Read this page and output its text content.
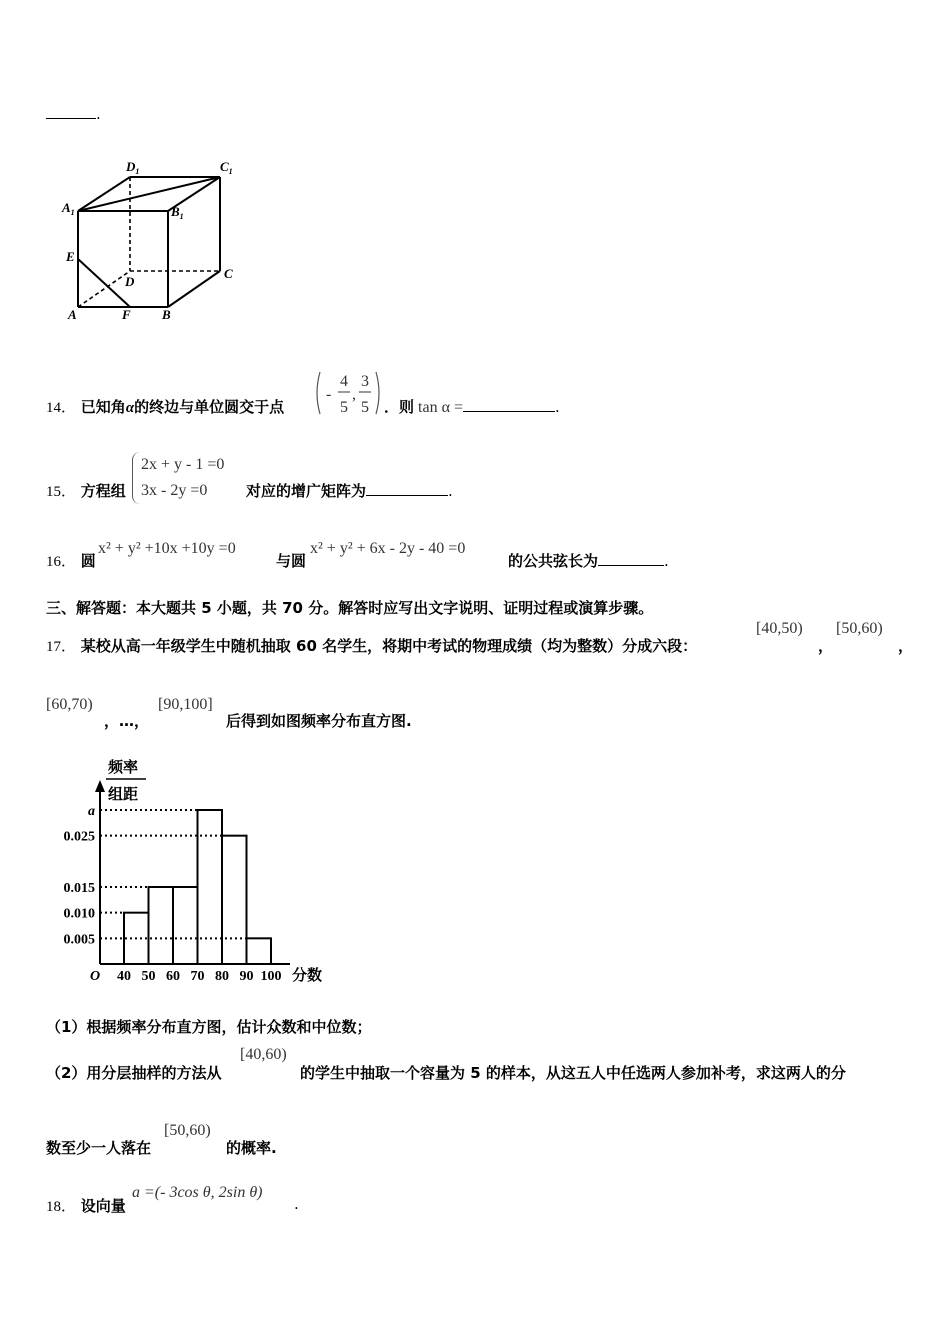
.
$D_1$	$C_1$
$A_1$	$B_1$
E
D
C
A	F B
14． 已知角α的终边与单位圆交于点
-
4
5
,
3
5 ．则 tan α =	.
15． 方程组
2x + y - 1 =0
3x - 2y =0	对应的增广矩阵为	.
16． 圆
x² + y² +10x +10y =0
与圆
x² + y² + 6x - 2y - 40 =0
的公共弦长为	.
三、解答题：本大题共 5 小题，共 70 分。解答时应写出文字说明、证明过程或演算步骤。
17． 某校从高一年级学生中随机抽取 60 名学生，将期中考试的物理成绩（均为整数）分成六段：
[40,50)
，
[50,60)
，
[60,70)
，…，
[90,100]
后得到如图频率分布直方图.
频率
组距
分数
O 40 50 60 70 80 90 100
0.005
0.010
0.015
0.025
a
（1）根据频率分布直方图，估计众数和中位数；
（2）用分层抽样的方法从
[40,60)
的学生中抽取一个容量为 5 的样本，从这五人中任选两人参加补考，求这两人的分
数至少一人落在
[50,60)
的概率.
18． 设向量
a =(- 3cos θ, 2sin θ)
.
